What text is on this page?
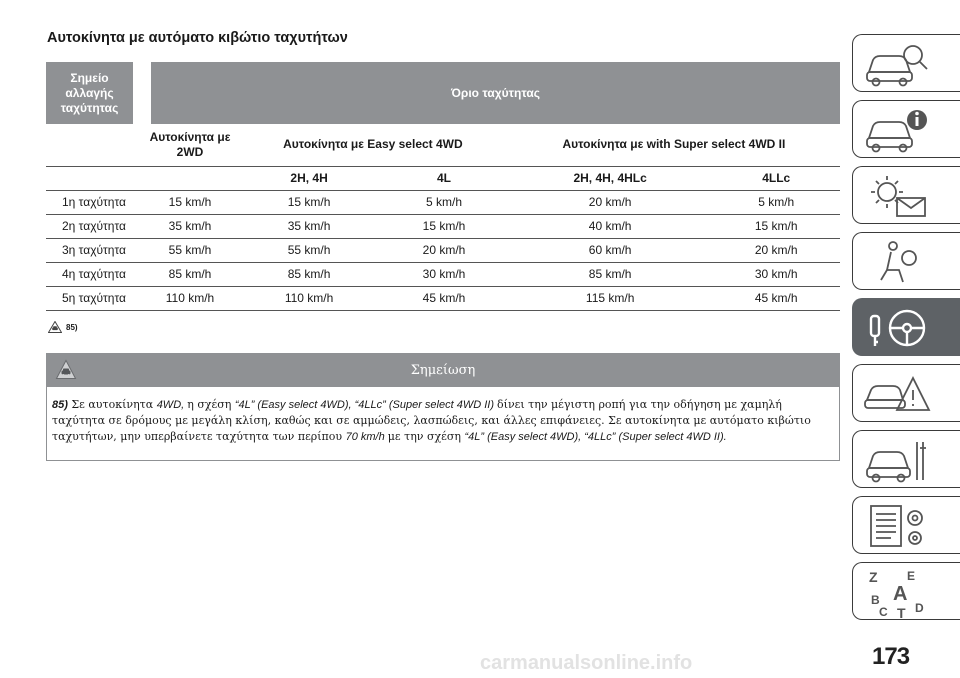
Αυτοκίνητα με αυτόματο κιβώτιο ταχυτήτων
Σημείο αλλαγής ταχύτητας	Όριο ταχύτητας				
	Αυτοκίνητα με 2WD	Αυτοκίνητα με Easy select 4WD		Αυτοκίνητα με with Super select 4WD II	
		2H, 4H	4L	2H, 4H, 4HLc	4LLc
1η ταχύτητα	15 km/h	15 km/h	5 km/h	20 km/h	5 km/h
2η ταχύτητα	35 km/h	35 km/h	15 km/h	40 km/h	15 km/h
3η ταχύτητα	55 km/h	55 km/h	20 km/h	60 km/h	20 km/h
4η ταχύτητα	85 km/h	85 km/h	30 km/h	85 km/h	30 km/h
5η ταχύτητα	110 km/h	110 km/h	45 km/h	115 km/h	45 km/h
85)
Σημείωση
85) Σε αυτοκίνητα 4WD, η σχέση “4L” (Easy select 4WD), “4LLc” (Super select 4WD II) δίνει την μέγιστη ροπή για την οδήγηση με χαμηλή ταχύτητα σε δρόμους με μεγάλη κλίση, καθώς και σε αμμώδεις, λασπώδεις, και άλλες επιφάνειες. Σε αυτοκίνητα με αυτόματο κιβώτιο ταχυτήτων, μην υπερβαίνετε ταχύτητα των περίπου 70 km/h με την σχέση “4L” (Easy select 4WD), “4LLc” (Super select 4WD II).
Z E
A
B
C T D
carmanualsonline.info	173
